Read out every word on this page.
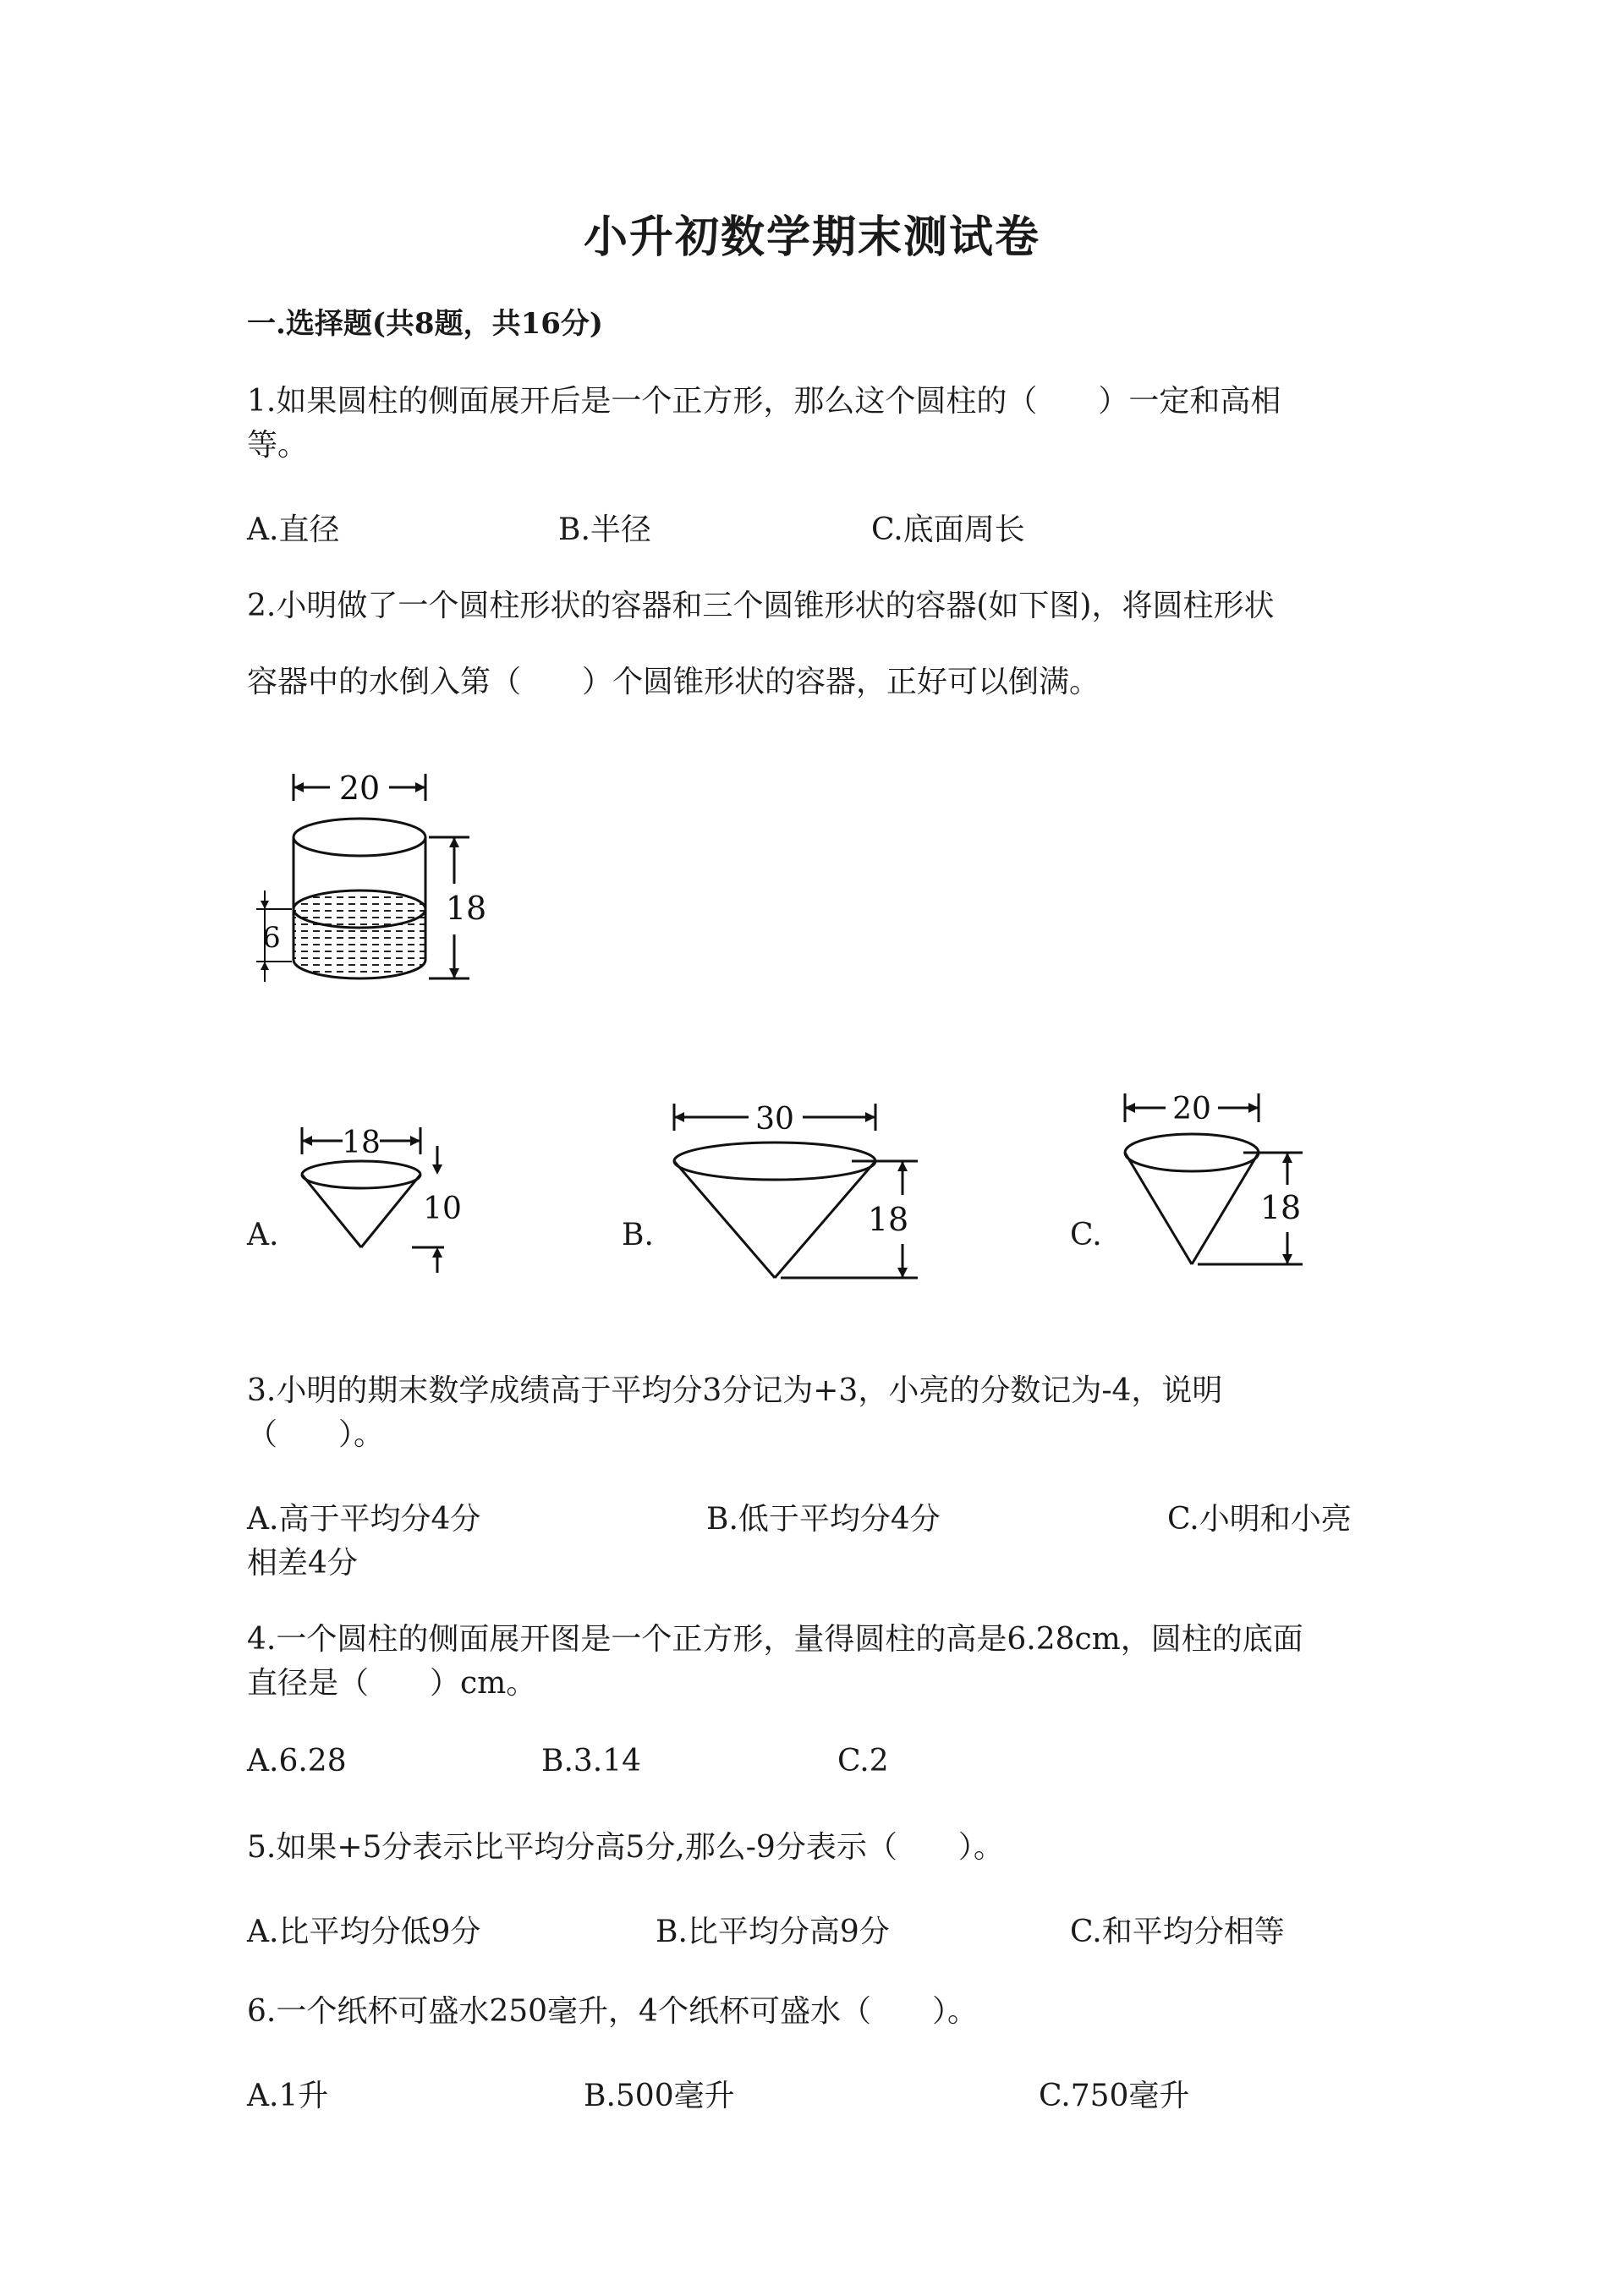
小升初数学期末测试卷
一.选择题(共8题，共16分)
1.如果圆柱的侧面展开后是一个正方形，那么这个圆柱的（　　）一定和高相
等。
A.直径	B.半径	C.底面周长
2.小明做了一个圆柱形状的容器和三个圆锥形状的容器(如下图)，将圆柱形状
容器中的水倒入第（　　）个圆锥形状的容器，正好可以倒满。
20
18
6
A.
18
10
B.
30
18	C.
20
18
3.小明的期末数学成绩高于平均分3分记为+3，小亮的分数记为-4，说明
（　　）。
A.高于平均分4分	B.低于平均分4分	C.小明和小亮
相差4分
4.一个圆柱的侧面展开图是一个正方形，量得圆柱的高是6.28cm，圆柱的底面
直径是（　　）cm。
A.6.28	B.3.14	C.2
5.如果+5分表示比平均分高5分,那么-9分表示（　　）。
A.比平均分低9分	B.比平均分高9分	C.和平均分相等
6.一个纸杯可盛水250毫升，4个纸杯可盛水（　　）。
A.1升	B.500毫升	C.750毫升
